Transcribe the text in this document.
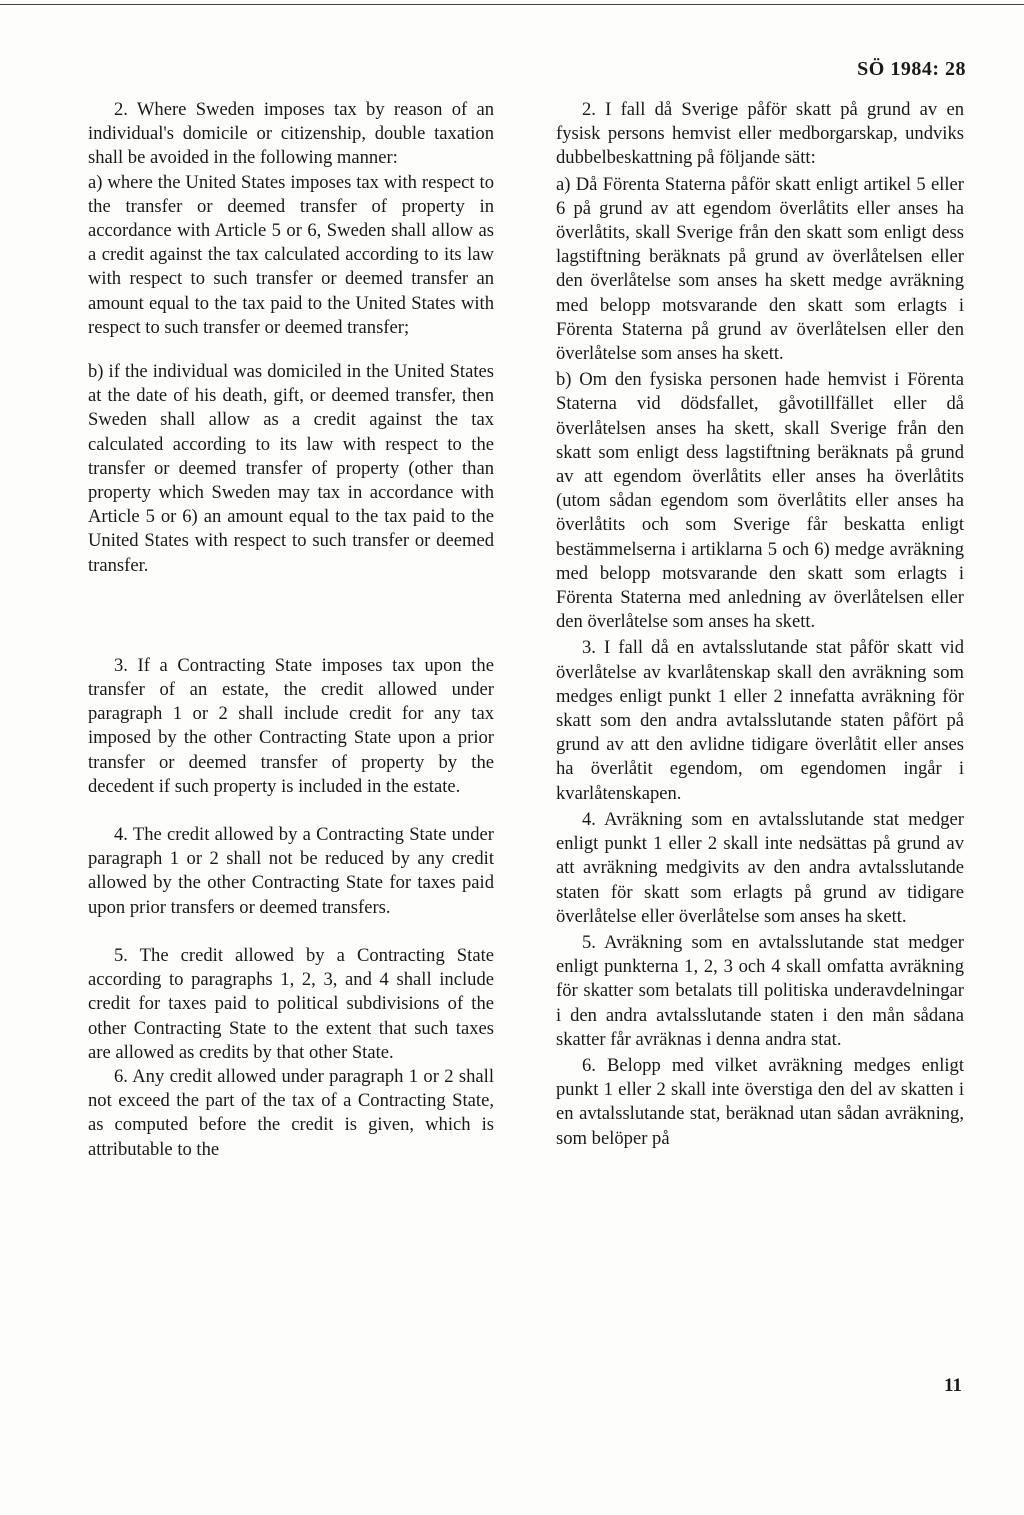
SÖ 1984: 28

2. Where Sweden imposes tax by reason of an individual's domicile or citizenship, double taxation shall be avoided in the following manner:

a) where the United States imposes tax with respect to the transfer or deemed transfer of property in accordance with Article 5 or 6, Sweden shall allow as a credit against the tax calculated according to its law with respect to such transfer or deemed transfer an amount equal to the tax paid to the United States with respect to such transfer or deemed transfer;

b) if the individual was domiciled in the United States at the date of his death, gift, or deemed transfer, then Sweden shall allow as a credit against the tax calculated according to its law with respect to the transfer or deemed transfer of property (other than property which Sweden may tax in accordance with Article 5 or 6) an amount equal to the tax paid to the United States with respect to such transfer or deemed transfer.

3. If a Contracting State imposes tax upon the transfer of an estate, the credit allowed under paragraph 1 or 2 shall include credit for any tax imposed by the other Contracting State upon a prior transfer or deemed transfer of property by the decedent if such property is included in the estate.

4. The credit allowed by a Contracting State under paragraph 1 or 2 shall not be reduced by any credit allowed by the other Contracting State for taxes paid upon prior transfers or deemed transfers.

5. The credit allowed by a Contracting State according to paragraphs 1, 2, 3, and 4 shall include credit for taxes paid to political subdivisions of the other Contracting State to the extent that such taxes are allowed as credits by that other State.

6. Any credit allowed under paragraph 1 or 2 shall not exceed the part of the tax of a Contracting State, as computed before the credit is given, which is attributable to the

2. I fall då Sverige påför skatt på grund av en fysisk persons hemvist eller medborgarskap, undviks dubbelbeskattning på följande sätt:

a) Då Förenta Staterna påför skatt enligt artikel 5 eller 6 på grund av att egendom överlåtits eller anses ha överlåtits, skall Sverige från den skatt som enligt dess lagstiftning beräknats på grund av överlåtelsen eller den överlåtelse som anses ha skett medge avräkning med belopp motsvarande den skatt som erlagts i Förenta Staterna på grund av överlåtelsen eller den överlåtelse som anses ha skett.

b) Om den fysiska personen hade hemvist i Förenta Staterna vid dödsfallet, gåvotillfället eller då överlåtelsen anses ha skett, skall Sverige från den skatt som enligt dess lagstiftning beräknats på grund av att egendom överlåtits eller anses ha överlåtits (utom sådan egendom som överlåtits eller anses ha överlåtits och som Sverige får beskatta enligt bestämmelserna i artiklarna 5 och 6) medge avräkning med belopp motsvarande den skatt som erlagts i Förenta Staterna med anledning av överlåtelsen eller den överlåtelse som anses ha skett.

3. I fall då en avtalsslutande stat påför skatt vid överlåtelse av kvarlåtenskap skall den avräkning som medges enligt punkt 1 eller 2 innefatta avräkning för skatt som den andra avtalsslutande staten påfört på grund av att den avlidne tidigare överlåtit eller anses ha överlåtit egendom, om egendomen ingår i kvarlåtenskapen.

4. Avräkning som en avtalsslutande stat medger enligt punkt 1 eller 2 skall inte nedsättas på grund av att avräkning medgivits av den andra avtalsslutande staten för skatt som erlagts på grund av tidigare överlåtelse eller överlåtelse som anses ha skett.

5. Avräkning som en avtalsslutande stat medger enligt punkterna 1, 2, 3 och 4 skall omfatta avräkning för skatter som betalats till politiska underavdelningar i den andra avtalsslutande staten i den mån sådana skatter får avräknas i denna andra stat.

6. Belopp med vilket avräkning medges enligt punkt 1 eller 2 skall inte överstiga den del av skatten i en avtalsslutande stat, beräknad utan sådan avräkning, som belöper på

11
